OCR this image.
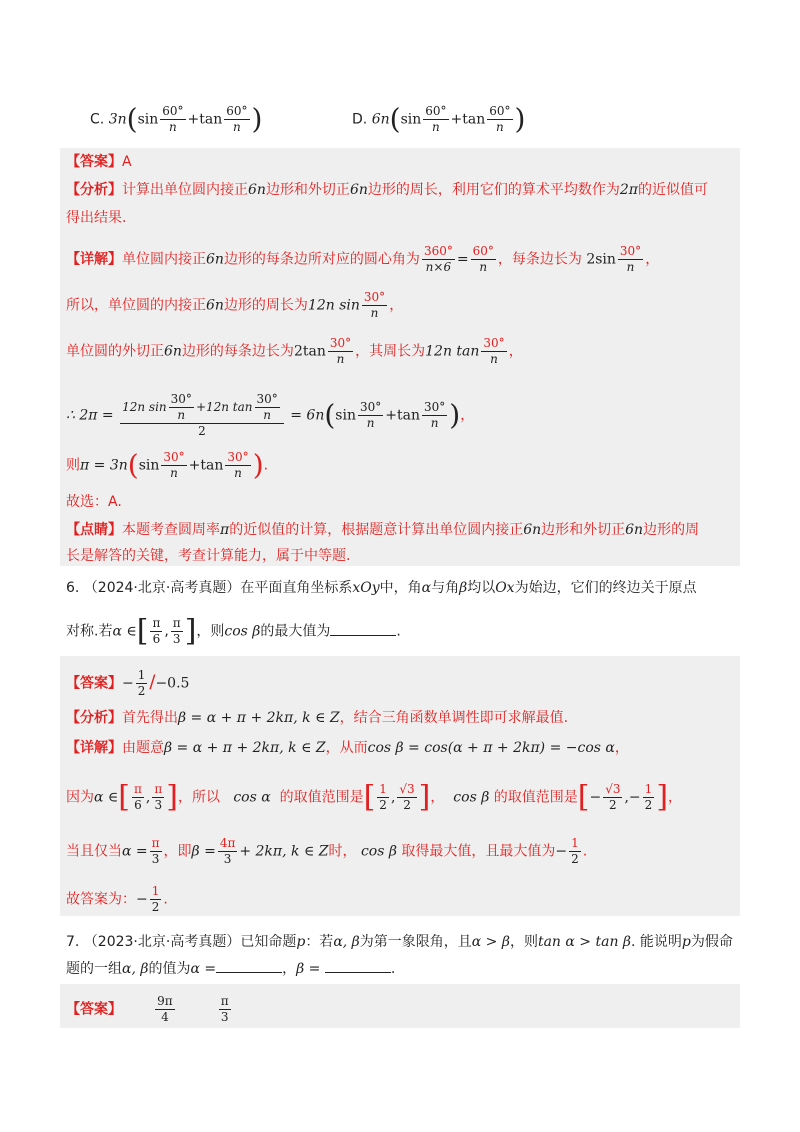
C. $3n(\sin \frac{60^\circ}{n} +\tan \frac{60^\circ}{n}$ )	D. $6n(\sin \frac{60^\circ}{n} +\tan \frac{60^\circ}{n}$ )
【答案】A
【分析】计算出单位圆内接正6n边形和外切正6n边形的周长，利用它们的算术平均数作为2π的近似值可
得出结果.
【详解】单位圆内接正6n边形的每条边所对应的圆心角为 $\frac{360^\circ}{n\times 6} = \frac{60^\circ}{n}$ ，每条边长为 $2\sin \frac{30^\circ}{n}$ ，
所以，单位圆的内接正6n边形的周长为12n $\sin \frac{30^\circ}{n}$ ，
单位圆的外切正6n边形的每条边长为$2\tan \frac{30^\circ}{n}$ ，其周长为12n $\tan \frac{30^\circ}{n}$ ，
∴ $2\pi = \frac{12n \sin \frac{30^\circ}{n} +12n \tan \frac{30^\circ}{n}}{2} = 6n(\sin \frac{30^\circ}{n} +\tan \frac{30^\circ}{n}$ )，
则$\pi = 3n(\sin \frac{30^\circ}{n} +\tan \frac{30^\circ}{n}$ ).
故选：A.
【点睛】本题考查圆周率π的近似值的计算，根据题意计算出单位圆内接正6n边形和外切正6n边形的周
长是解答的关键，考查计算能力，属于中等题.
6. （2024·北京·高考真题）在平面直角坐标系xOy中，角α与角β均以Ox为始边，它们的终边关于原点
对称.若α ∈[ $\frac{\pi}{6}$ , $\frac{\pi}{3}$ ]，则cos β的最大值为	.
【答案】− $\frac{1}{2} /-0.5$
【分析】首先得出β = α + π + 2kπ, k ∈ Z，结合三角函数单调性即可求解最值.
【详解】由题意β = α + π + 2kπ, k ∈ Z，从而cos β = cos(α + π + 2kπ) = −cos α，
因为α ∈[ $\frac{\pi}{6}$ , $\frac{\pi}{3}$ ]，所以 cos α 的取值范围是[ $\frac{1}{2}$ , $\frac{√3}{2}$ ]， cos β 的取值范围是[− $\frac{√3}{2}$ ,− $\frac{1}{2}$ ]，
当且仅当$\alpha = \frac{\pi}{3}$ ，即$\beta = \frac{4\pi}{3} + 2k\pi$, k ∈ Z时， cos β 取得最大值，且最大值为− $\frac{1}{2}$ .
故答案为：− $\frac{1}{2}$ .
7. （2023·北京·高考真题）已知命题p：若α, β为第一象限角，且α > β，则tan α > tan β. 能说明p为假命
题的一组α, β的值为α =	，β =	.
【答案】	$\frac{9\pi}{4}$
	$\frac{\pi}{3}$
